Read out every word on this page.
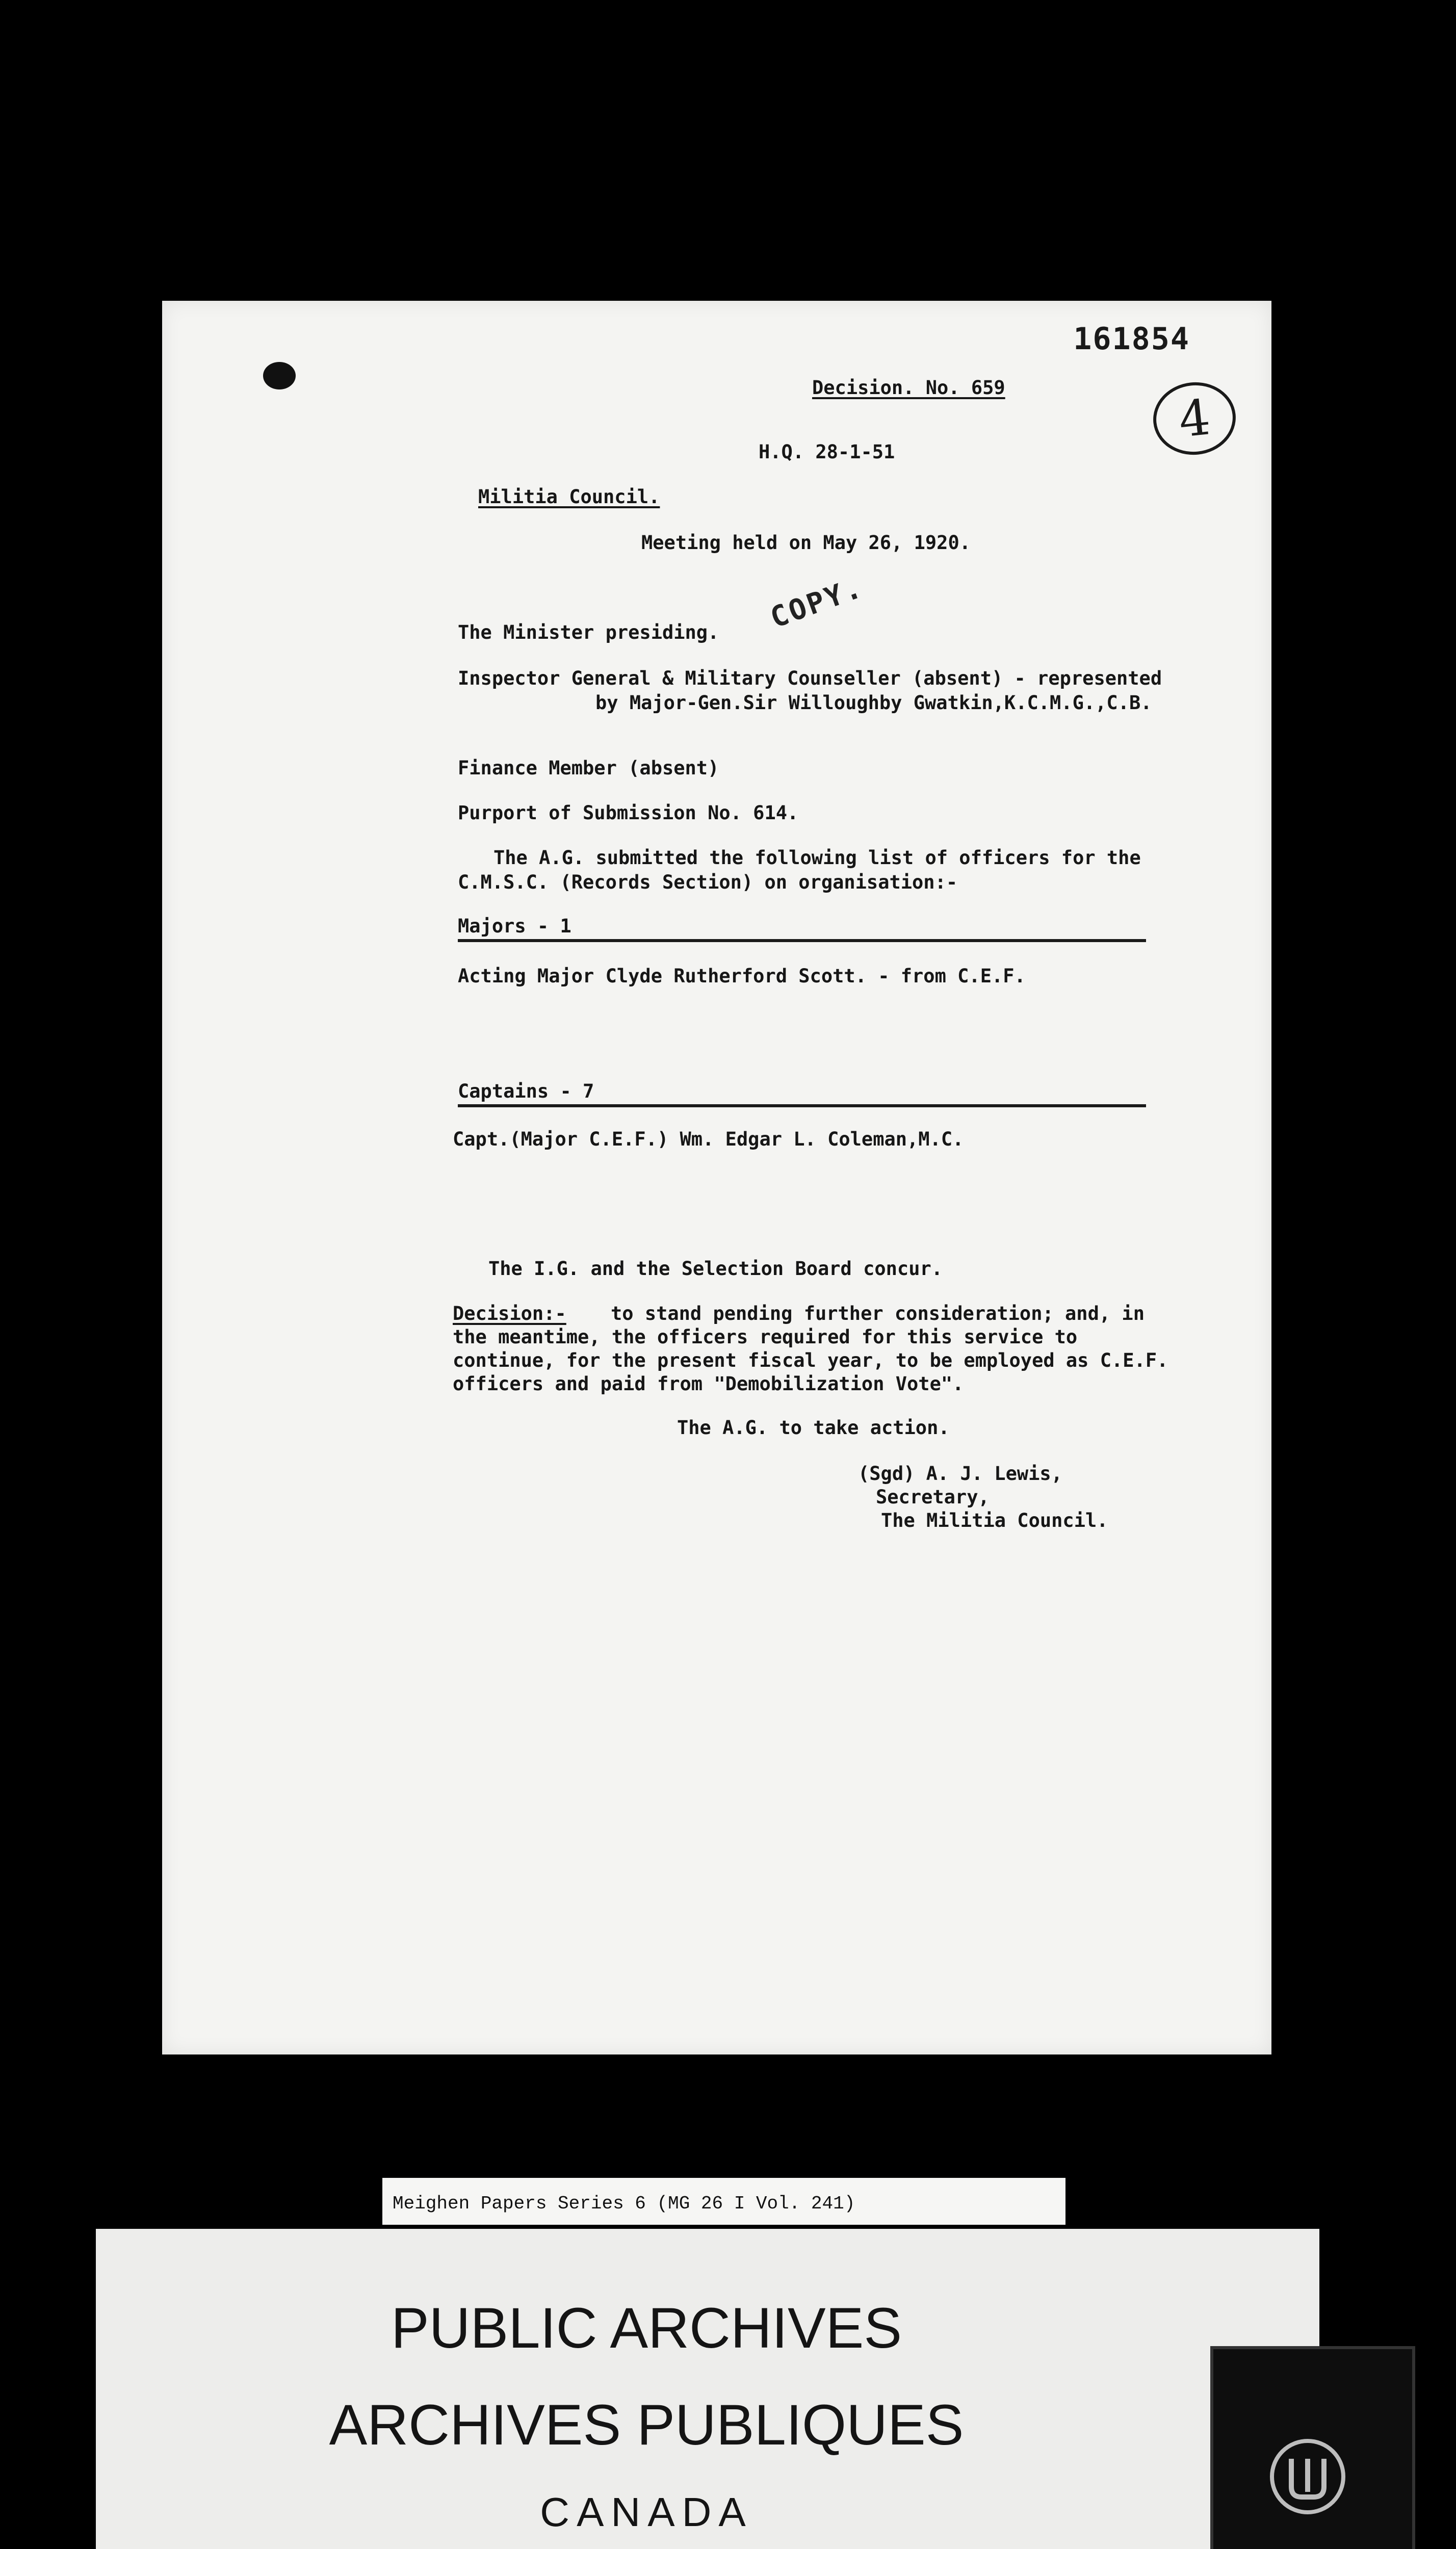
161854
4
Decision. No. 659
H.Q. 28-1-51
Militia Council.
Meeting held on May 26, 1920.
COPY.
The Minister presiding.
Inspector General & Military Counseller (absent) - represented
by Major-Gen.Sir Willoughby Gwatkin,K.C.M.G.,C.B.
Finance Member (absent)
Purport of Submission No. 614.
The A.G. submitted the following list of officers for the
C.M.S.C. (Records Section) on organisation:-
Majors - 1
Acting Major Clyde Rutherford Scott. - from C.E.F.
Captains - 7
Capt.(Major C.E.F.) Wm. Edgar L. Coleman,M.C.
The I.G. and the Selection Board concur.
Decision:- to stand pending further consideration; and, in
the meantime, the officers required for this service to
continue, for the present fiscal year, to be employed as C.E.F.
officers and paid from "Demobilization Vote".
The A.G. to take action.
(Sgd) A. J. Lewis,
Secretary,
The Militia Council.
Meighen Papers Series 6 (MG 26 I Vol. 241)
PUBLIC ARCHIVES
ARCHIVES PUBLIQUES
CANADA
